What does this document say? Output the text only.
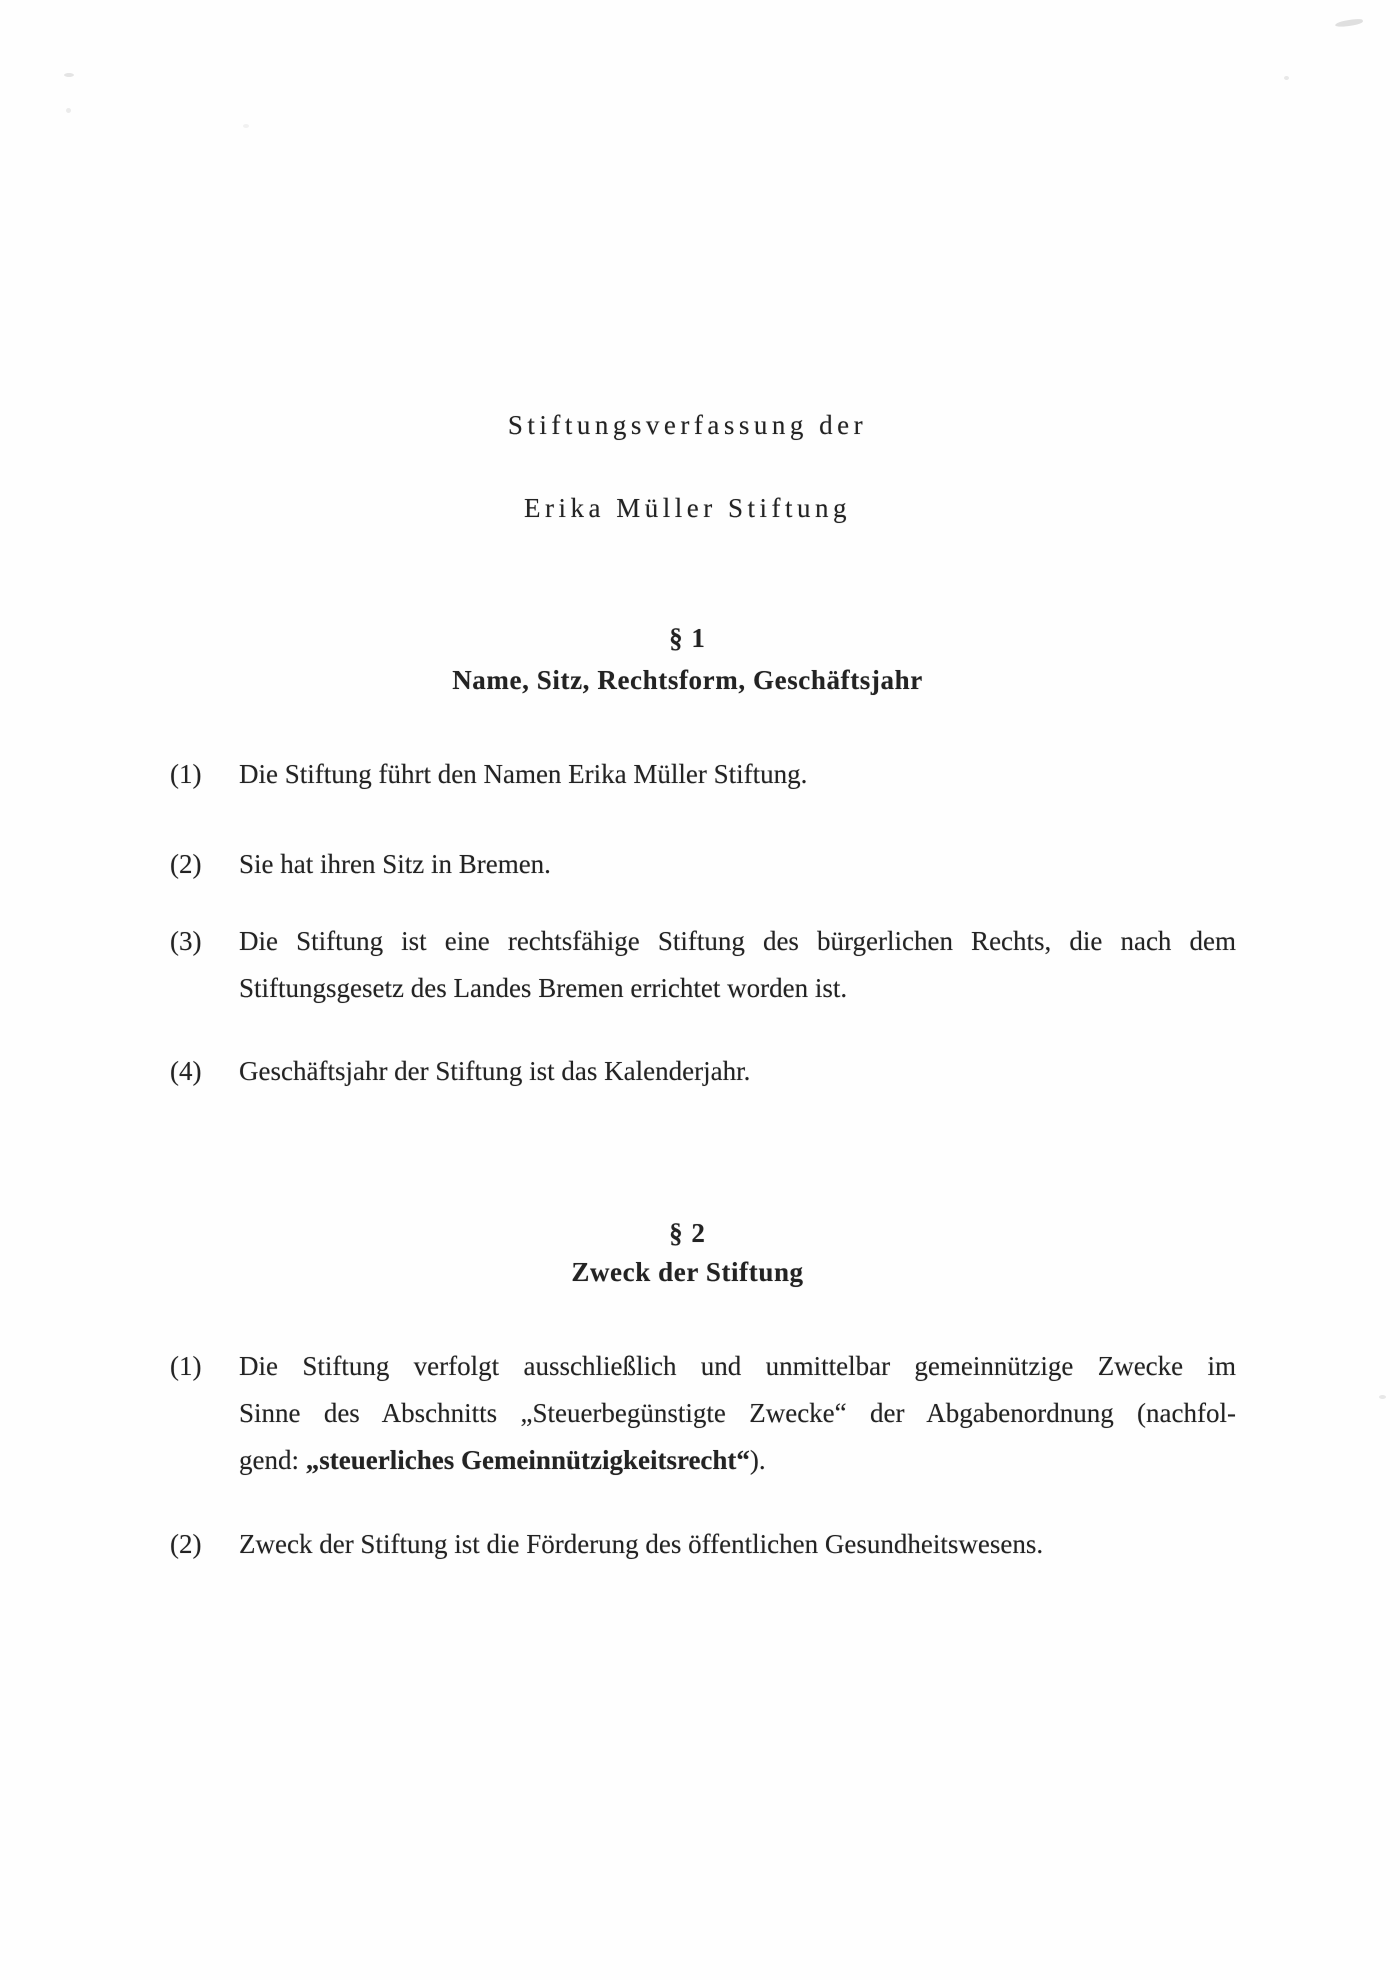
Stiftungsverfassung der
Erika Müller Stiftung
§ 1
Name, Sitz, Rechtsform, Geschäftsjahr
(1) Die Stiftung führt den Namen Erika Müller Stiftung.
(2) Sie hat ihren Sitz in Bremen.
(3) Die Stiftung ist eine rechtsfähige Stiftung des bürgerlichen Rechts, die nach dem
Stiftungsgesetz des Landes Bremen errichtet worden ist.
(4) Geschäftsjahr der Stiftung ist das Kalenderjahr.
§ 2
Zweck der Stiftung
(1) Die Stiftung verfolgt ausschließlich und unmittelbar gemeinnützige Zwecke im
Sinne des Abschnitts „Steuerbegünstigte Zwecke“ der Abgabenordnung (nachfol-
gend: „steuerliches Gemeinnützigkeitsrecht“).
(2) Zweck der Stiftung ist die Förderung des öffentlichen Gesundheitswesens.
